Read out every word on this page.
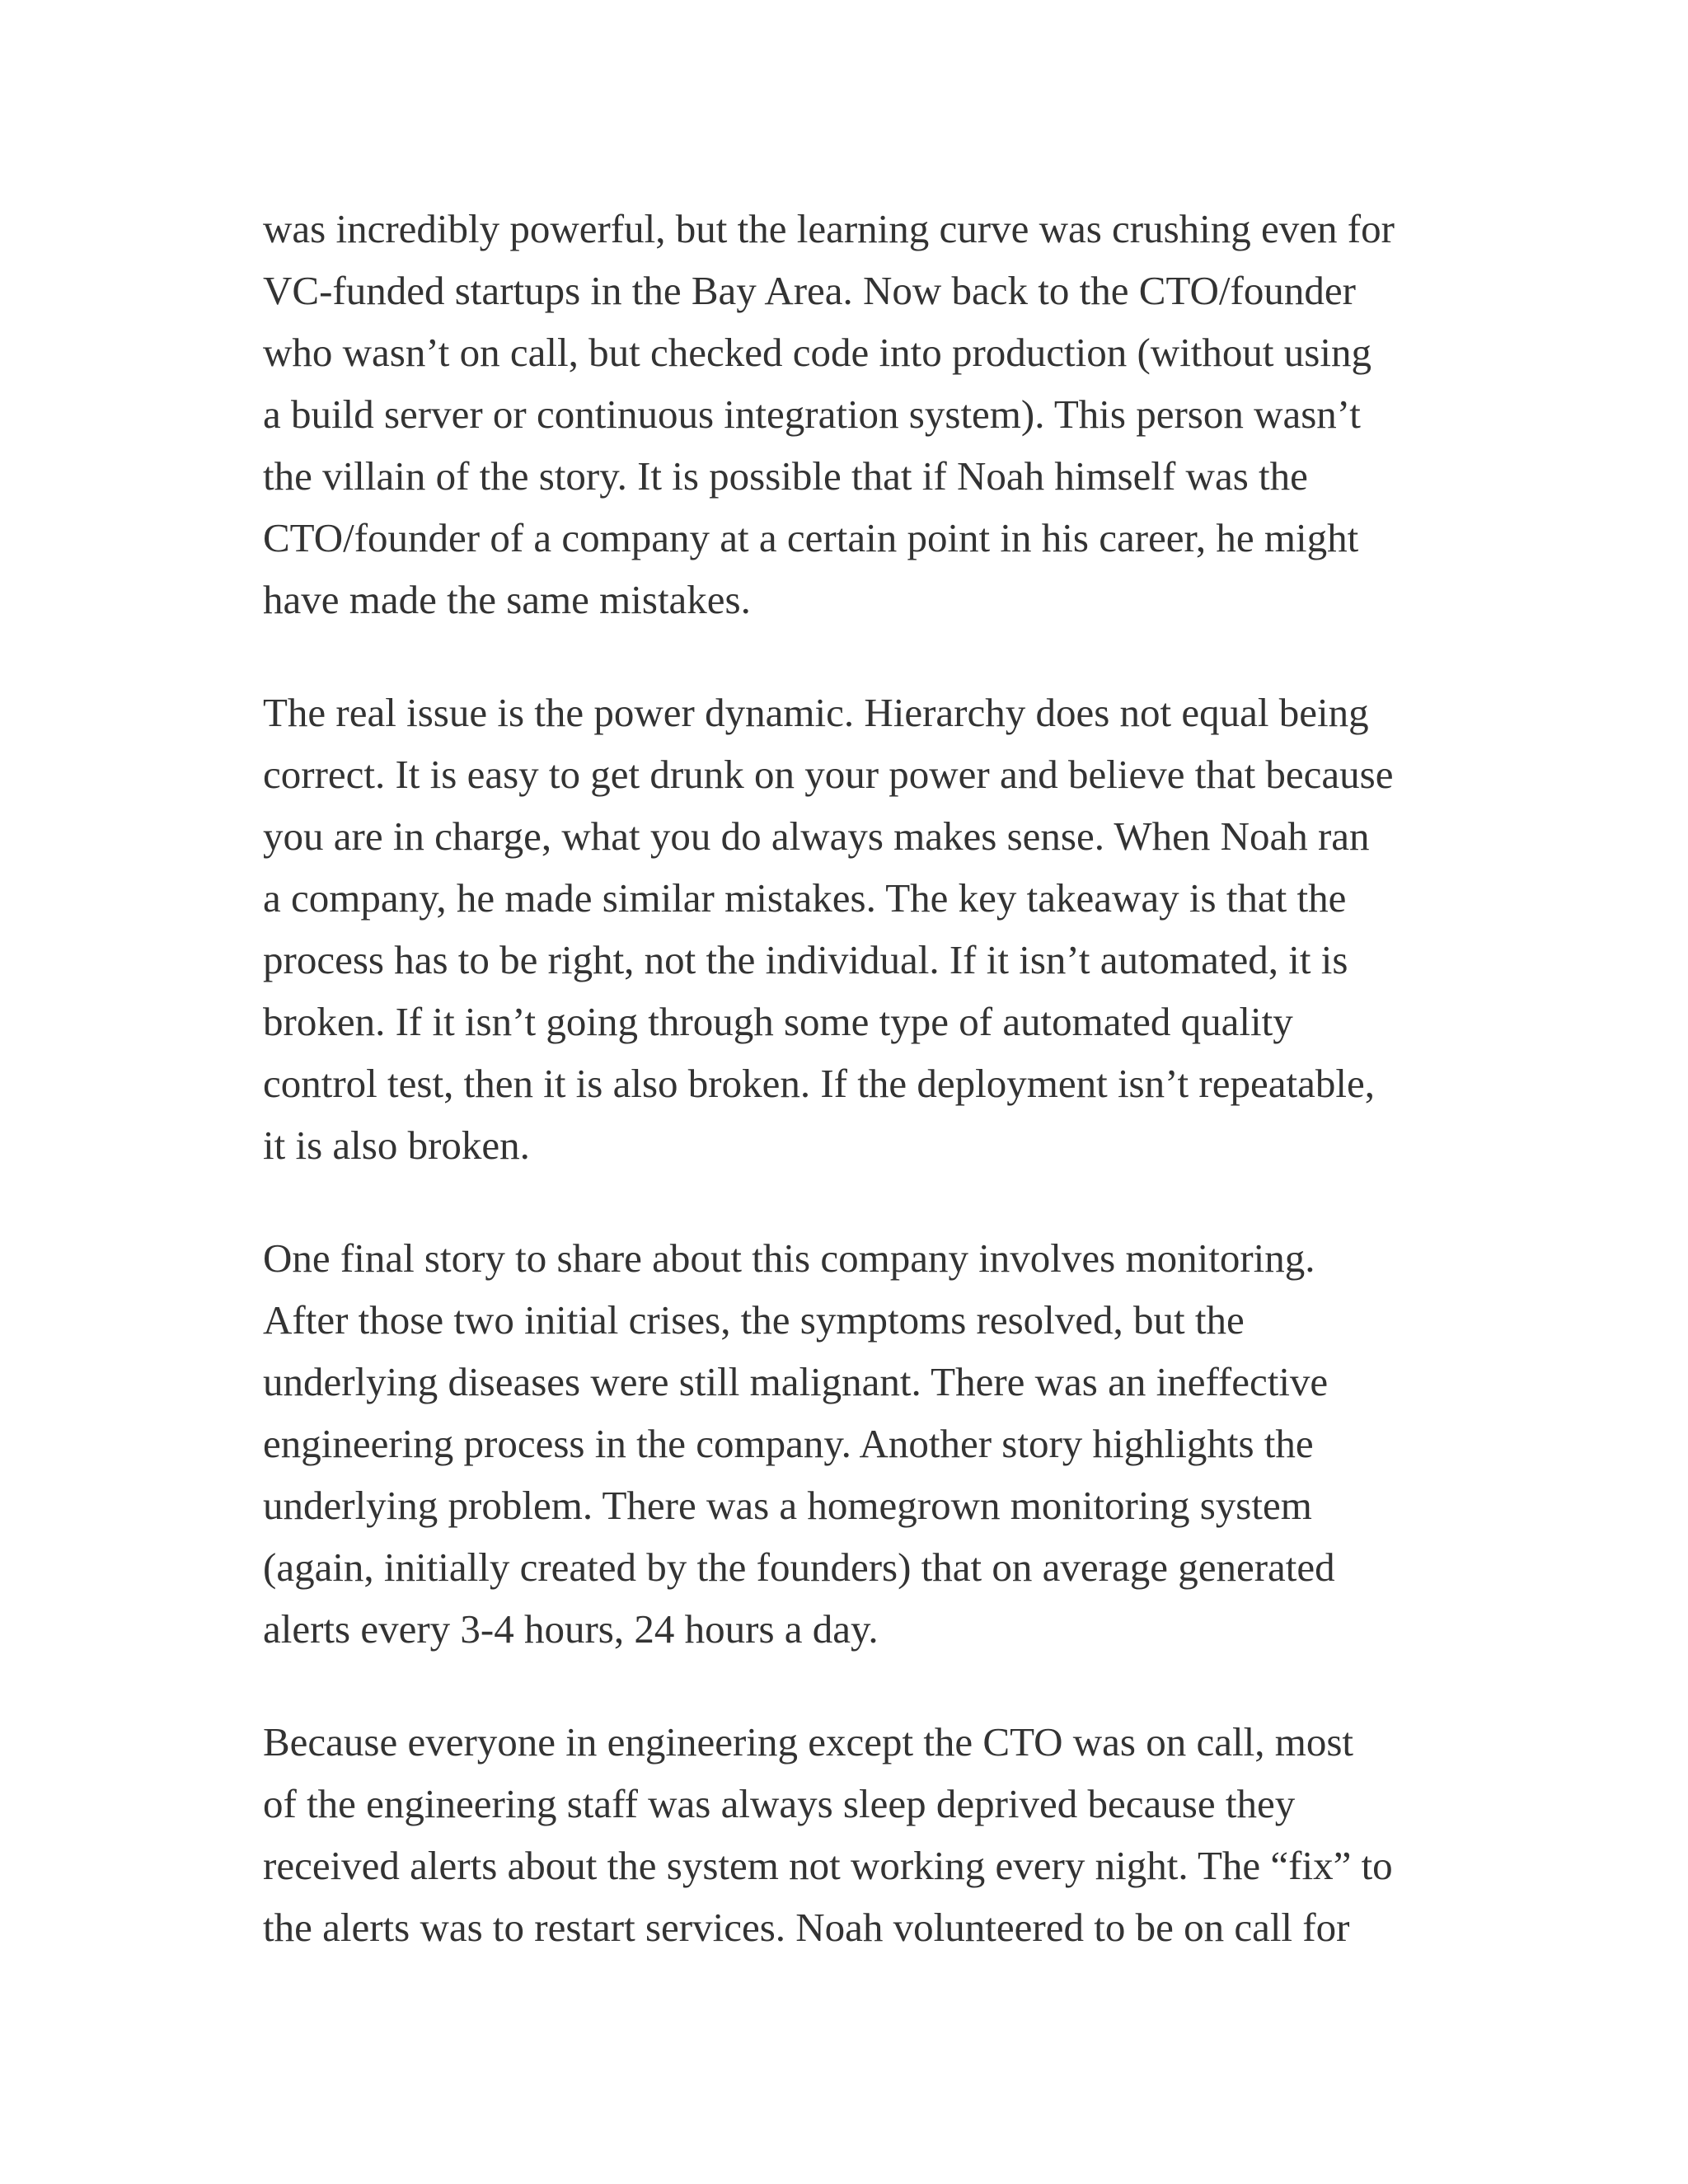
was incredibly powerful, but the learning curve was crushing even for
VC-funded startups in the Bay Area. Now back to the CTO/founder
who wasn’t on call, but checked code into production (without using
a build server or continuous integration system). This person wasn’t
the villain of the story. It is possible that if Noah himself was the
CTO/founder of a company at a certain point in his career, he might
have made the same mistakes.

The real issue is the power dynamic. Hierarchy does not equal being
correct. It is easy to get drunk on your power and believe that because
you are in charge, what you do always makes sense. When Noah ran
a company, he made similar mistakes. The key takeaway is that the
process has to be right, not the individual. If it isn’t automated, it is
broken. If it isn’t going through some type of automated quality
control test, then it is also broken. If the deployment isn’t repeatable,
it is also broken.

One final story to share about this company involves monitoring.
After those two initial crises, the symptoms resolved, but the
underlying diseases were still malignant. There was an ineffective
engineering process in the company. Another story highlights the
underlying problem. There was a homegrown monitoring system
(again, initially created by the founders) that on average generated
alerts every 3-4 hours, 24 hours a day.

Because everyone in engineering except the CTO was on call, most
of the engineering staff was always sleep deprived because they
received alerts about the system not working every night. The “fix” to
the alerts was to restart services. Noah volunteered to be on call for
